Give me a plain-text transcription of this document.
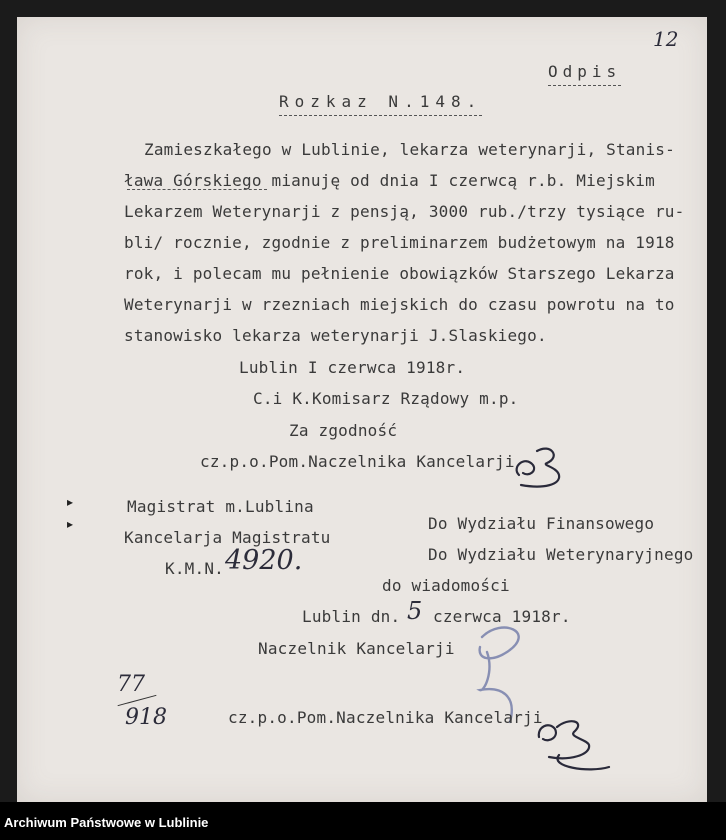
12
Odpis
Rozkaz N.148.
Zamieszkałego w Lublinie, lekarza weterynarji, Stanis-
ława Górskiego mianuję od dnia I czerwcą r.b. Miejskim
Lekarzem Weterynarji z pensją, 3000 rub./trzy tysiące ru-
bli/ rocznie, zgodnie z preliminarzem budżetowym na 1918
rok, i polecam mu pełnienie obowiązków Starszego Lekarza
Weterynarji w rzezniach miejskich do czasu powrotu na to
stanowisko lekarza weterynarji J.Slaskiego.
Lublin I czerwca 1918r.
C.i K.Komisarz Rządowy m.p.
Za zgodność
cz.p.o.Pom.Naczelnika Kancelarji
Magistrat m.Lublina
Kancelarja Magistratu
K.M.N. 4920.
Do Wydziału Finansowego
Do Wydziału Weterynaryjnego
do wiadomości
Lublin dn. 5 czerwca 1918r.
Naczelnik Kancelarji
77
918	cz.p.o.Pom.Naczelnika Kancelarji
▸
▸
Archiwum Państwowe w Lublinie
